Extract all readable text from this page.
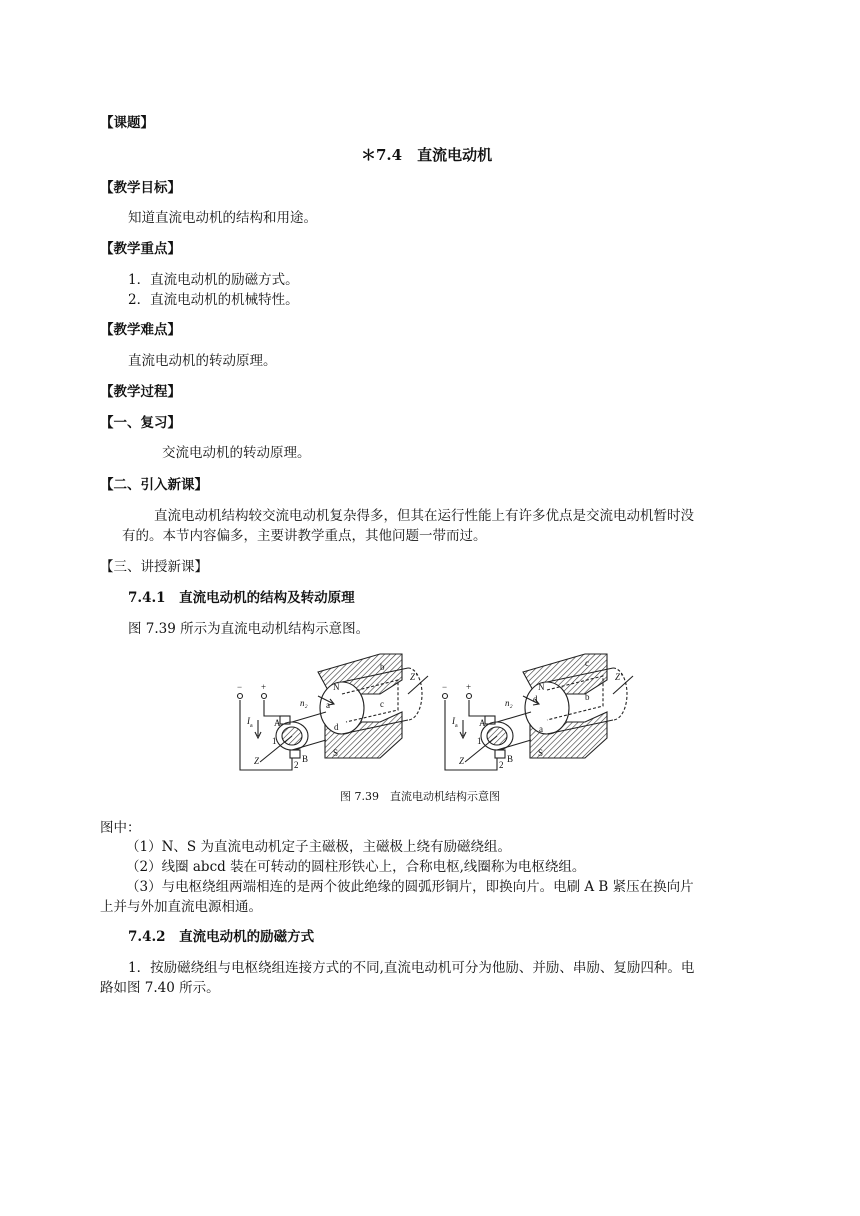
【课题】
＊7.4　直流电动机
【教学目标】
知道直流电动机的结构和用途。
【教学重点】
1．直流电动机的励磁方式。
2．直流电动机的机械特性。
【教学难点】
直流电动机的转动原理。
【教学过程】
【一、复习】
交流电动机的转动原理。
【二、引入新课】
直流电动机结构较交流电动机复杂得多，但其在运行性能上有许多优点是交流电动机暂时没
有的。本节内容偏多，主要讲教学重点，其他问题一带而过。
【三、讲授新课】
7.4.1　直流电动机的结构及转动原理
图 7.39 所示为直流电动机结构示意图。
− +	N
S
Z'
Z
A
B
1
2
n₂
I a
a
b
c
d
− +	N
S
Z'
Z
A
B
1
2
n₂
I a
d
c
b
a
图 7.39　直流电动机结构示意图
图中：
（1）N、S 为直流电动机定子主磁极，主磁极上绕有励磁绕组。
（2）线圈 abcd 装在可转动的圆柱形铁心上，合称电枢,线圈称为电枢绕组。
（3）与电枢绕组两端相连的是两个彼此绝缘的圆弧形铜片，即换向片。电刷 A B 紧压在换向片
上并与外加直流电源相通。
7.4.2　直流电动机的励磁方式
1．按励磁绕组与电枢绕组连接方式的不同,直流电动机可分为他励、并励、串励、复励四种。电
路如图 7.40 所示。
